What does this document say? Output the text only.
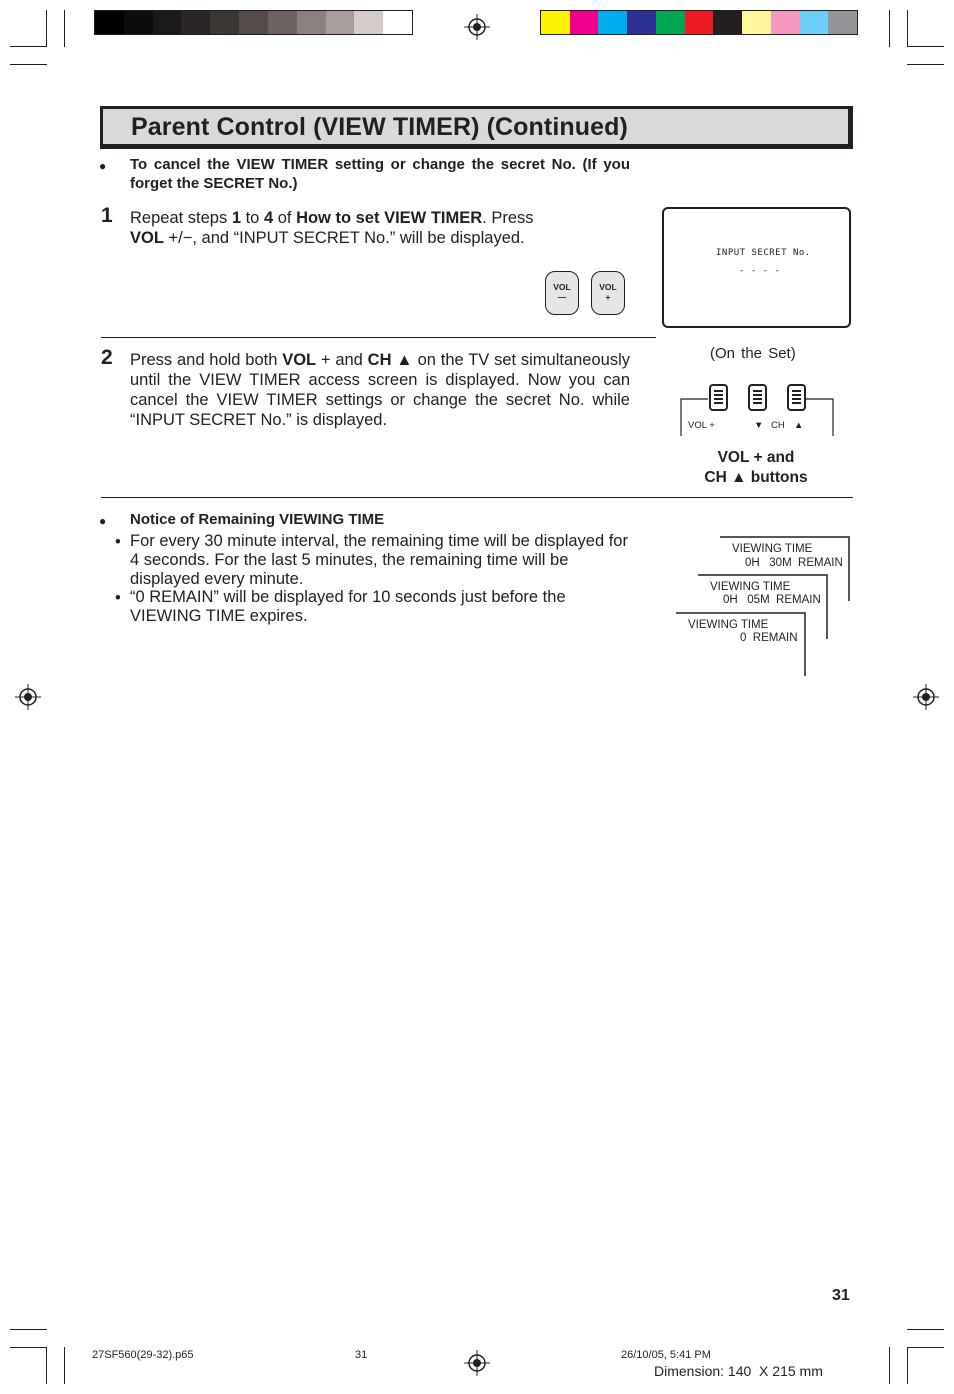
Parent Control (VIEW TIMER) (Continued)
● To cancel the VIEW TIMER setting or change the secret No. (If you forget the SECRET No.)
1 Repeat steps 1 to 4 of How to set VIEW TIMER. Press
VOL +/−, and “INPUT SECRET No.” will be displayed.
VOL
—
VOL
+
INPUT SECRET No.
- - - -
2 Press and hold both VOL + and CH ▲ on the TV set simultaneously until the VIEW TIMER access screen is displayed. Now you can cancel the VIEW TIMER settings or change the secret No. while “INPUT SECRET No.” is displayed.
(On the Set)
VOL +	▼ CH ▲
VOL + and
CH ▲ buttons
● Notice of Remaining VIEWING TIME
• For every 30 minute interval, the remaining time will be displayed for 4 seconds. For the last 5 minutes, the remaining time will be displayed every minute.
• “0 REMAIN” will be displayed for 10 seconds just before the VIEWING TIME expires.
VIEWING TIME
0H   30M  REMAIN
VIEWING TIME
0H   05M  REMAIN
VIEWING TIME
0  REMAIN
31
27SF560(29-32).p65	31	26/10/05, 5:41 PM
Dimension: 140  X 215 mm
